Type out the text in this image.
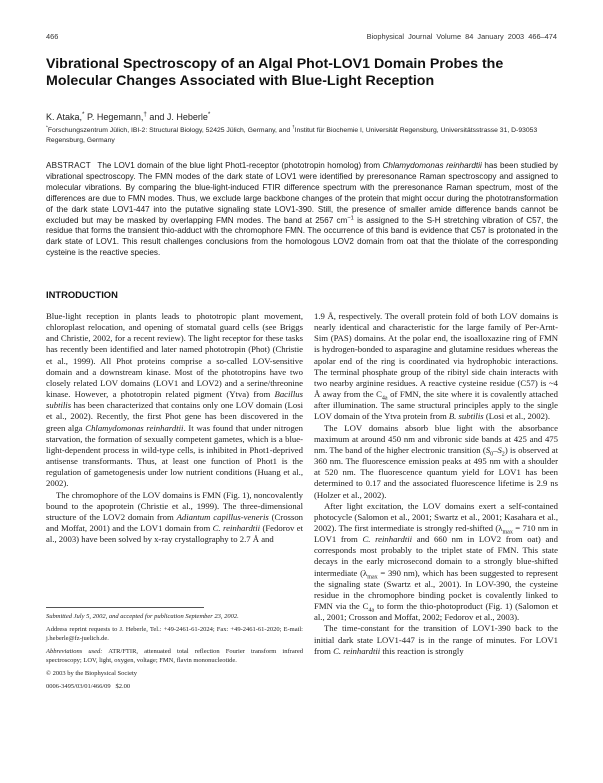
466	Biophysical Journal Volume 84 January 2003 466–474
Vibrational Spectroscopy of an Algal Phot-LOV1 Domain Probes the Molecular Changes Associated with Blue-Light Reception
K. Ataka,* P. Hegemann,† and J. Heberle*
*Forschungszentrum Jülich, IBI-2: Structural Biology, 52425 Jülich, Germany, and †Institut für Biochemie I, Universität Regensburg, Universitätsstrasse 31, D-93053 Regensburg, Germany
ABSTRACT The LOV1 domain of the blue light Phot1-receptor (phototropin homolog) from Chlamydomonas reinhardtii has been studied by vibrational spectroscopy. The FMN modes of the dark state of LOV1 were identified by preresonance Raman spectroscopy and assigned to molecular vibrations. By comparing the blue-light-induced FTIR difference spectrum with the preresonance Raman spectrum, most of the differences are due to FMN modes. Thus, we exclude large backbone changes of the protein that might occur during the phototransformation of the dark state LOV1-447 into the putative signaling state LOV1-390. Still, the presence of smaller amide difference bands cannot be excluded but may be masked by overlapping FMN modes. The band at 2567 $cm^{-1}$ is assigned to the S-H stretching vibration of C57, the residue that forms the transient thio-adduct with the chromophore FMN. The occurrence of this band is evidence that C57 is protonated in the dark state of LOV1. This result challenges conclusions from the homologous LOV2 domain from oat that the thiolate of the corresponding cysteine is the reactive species.
INTRODUCTION

Blue-light reception in plants leads to phototropic plant movement, chloroplast relocation, and opening of stomatal guard cells (see Briggs and Christie, 2002, for a recent review). The light receptor for these tasks has recently been identified and later named phototropin (Phot) (Christie et al., 1999). All Phot proteins comprise a so-called LOV-sensitive domain and a downstream kinase. Most of the phototropins have two closely related LOV domains (LOV1 and LOV2) and a serine/threonine kinase. However, a phototropin related pigment (Ytva) from Bacillus subtilis has been characterized that contains only one LOV domain (Losi et al., 2002). Recently, the first Phot gene has been discovered in the green alga Chlamydomonas reinhardtii. It was found that under nitrogen starvation, the formation of sexually competent gametes, which is a blue-light-dependent process in wild-type cells, is inhibited in Phot1-deprived antisense transformants. Thus, at least one function of Phot1 is the regulation of gametogenesis under low nutrient conditions (Huang et al., 2002).

The chromophore of the LOV domains is FMN (Fig. 1), noncovalently bound to the apoprotein (Christie et al., 1999). The three-dimensional structure of the LOV2 domain from Adiantum capillus-veneris (Crosson and Moffat, 2001) and the LOV1 domain from C. reinhardtii (Fedorov et al., 2003) have been solved by x-ray crystallography to 2.7 Å and

1.9 Å, respectively. The overall protein fold of both LOV domains is nearly identical and characteristic for the large family of Per-Arnt-Sim (PAS) domains. At the polar end, the isoalloxazine ring of FMN is hydrogen-bonded to asparagine and glutamine residues whereas the apolar end of the ring is coordinated via hydrophobic interactions. The terminal phosphate group of the ribityl side chain interacts with two nearby arginine residues. A reactive cysteine residue (C57) is ~4 Å away from the $C_{4a}$ of FMN, the site where it is covalently attached after illumination. The same structural principles apply to the single LOV domain of the Ytva protein from B. subtilis (Losi et al., 2002).

The LOV domains absorb blue light with the absorbance maximum at around 450 nm and vibronic side bands at 425 and 475 nm. The band of the higher electronic transition $(S_0-S_2)$ is observed at 360 nm. The fluorescence emission peaks at 495 nm with a shoulder at 520 nm. The fluorescence quantum yield for LOV1 has been determined to 0.17 and the associated fluorescence lifetime is 2.9 ns (Holzer et al., 2002).

After light excitation, the LOV domains exert a self-contained photocycle (Salomon et al., 2001; Swartz et al., 2001; Kasahara et al., 2002). The first intermediate is strongly red-shifted ($\lambda_{max} = 710$ nm in LOV1 from C. reinhardtii and 660 nm in LOV2 from oat) and corresponds most probably to the triplet state of FMN. This state decays in the early microsecond domain to a strongly blue-shifted intermediate ($\lambda_{max} = 390$ nm), which has been suggested to represent the signaling state (Swartz et al., 2001). In LOV-390, the cysteine residue in the chromophore binding pocket is covalently linked to FMN via the $C_{4a}$ to form the thio-photoproduct (Fig. 1) (Salomon et al., 2001; Crosson and Moffat, 2002; Fedorov et al., 2003).

The time-constant for the transition of LOV1-390 back to the initial dark state LOV1-447 is in the range of minutes. For LOV1 from C. reinhardtii this reaction is strongly

Submitted July 5, 2002, and accepted for publication September 23, 2002.

Address reprint requests to J. Heberle, Tel.: +49-2461-61-2024; Fax: +49-2461-61-2020; E-mail: j.heberle@fz-juelich.de.

Abbreviations used: ATR/FTIR, attenuated total reflection Fourier transform infrared spectroscopy; LOV, light, oxygen, voltage; FMN, flavin mononucleotide.

© 2003 by the Biophysical Society

0006-3495/03/01/466/09   $2.00
